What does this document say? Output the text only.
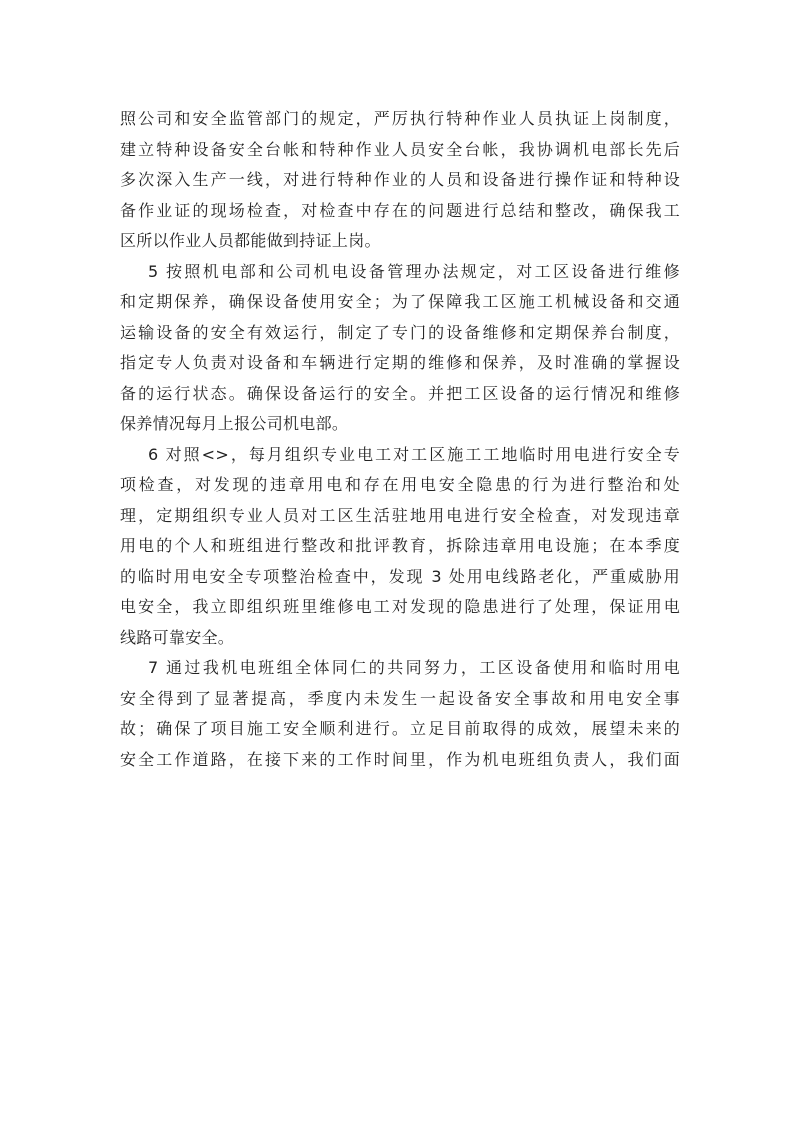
照公司和安全监管部门的规定，严厉执行特种作业人员执证上岗制度，
建立特种设备安全台帐和特种作业人员安全台帐，我协调机电部长先后
多次深入生产一线，对进行特种作业的人员和设备进行操作证和特种设
备作业证的现场检查，对检查中存在的问题进行总结和整改，确保我工
区所以作业人员都能做到持证上岗。

5 按照机电部和公司机电设备管理办法规定，对工区设备进行维修
和定期保养，确保设备使用安全；为了保障我工区施工机械设备和交通
运输设备的安全有效运行，制定了专门的设备维修和定期保养台制度，
指定专人负责对设备和车辆进行定期的维修和保养，及时准确的掌握设
备的运行状态。确保设备运行的安全。并把工区设备的运行情况和维修
保养情况每月上报公司机电部。

6 对照<>，每月组织专业电工对工区施工工地临时用电进行安全专
项检查，对发现的违章用电和存在用电安全隐患的行为进行整治和处
理，定期组织专业人员对工区生活驻地用电进行安全检查，对发现违章
用电的个人和班组进行整改和批评教育，拆除违章用电设施；在本季度
的临时用电安全专项整治检查中，发现 3 处用电线路老化，严重威胁用
电安全，我立即组织班里维修电工对发现的隐患进行了处理，保证用电
线路可靠安全。

7 通过我机电班组全体同仁的共同努力，工区设备使用和临时用电
安全得到了显著提高，季度内未发生一起设备安全事故和用电安全事
故；确保了项目施工安全顺利进行。立足目前取得的成效，展望未来的
安全工作道路，在接下来的工作时间里，作为机电班组负责人，我们面
